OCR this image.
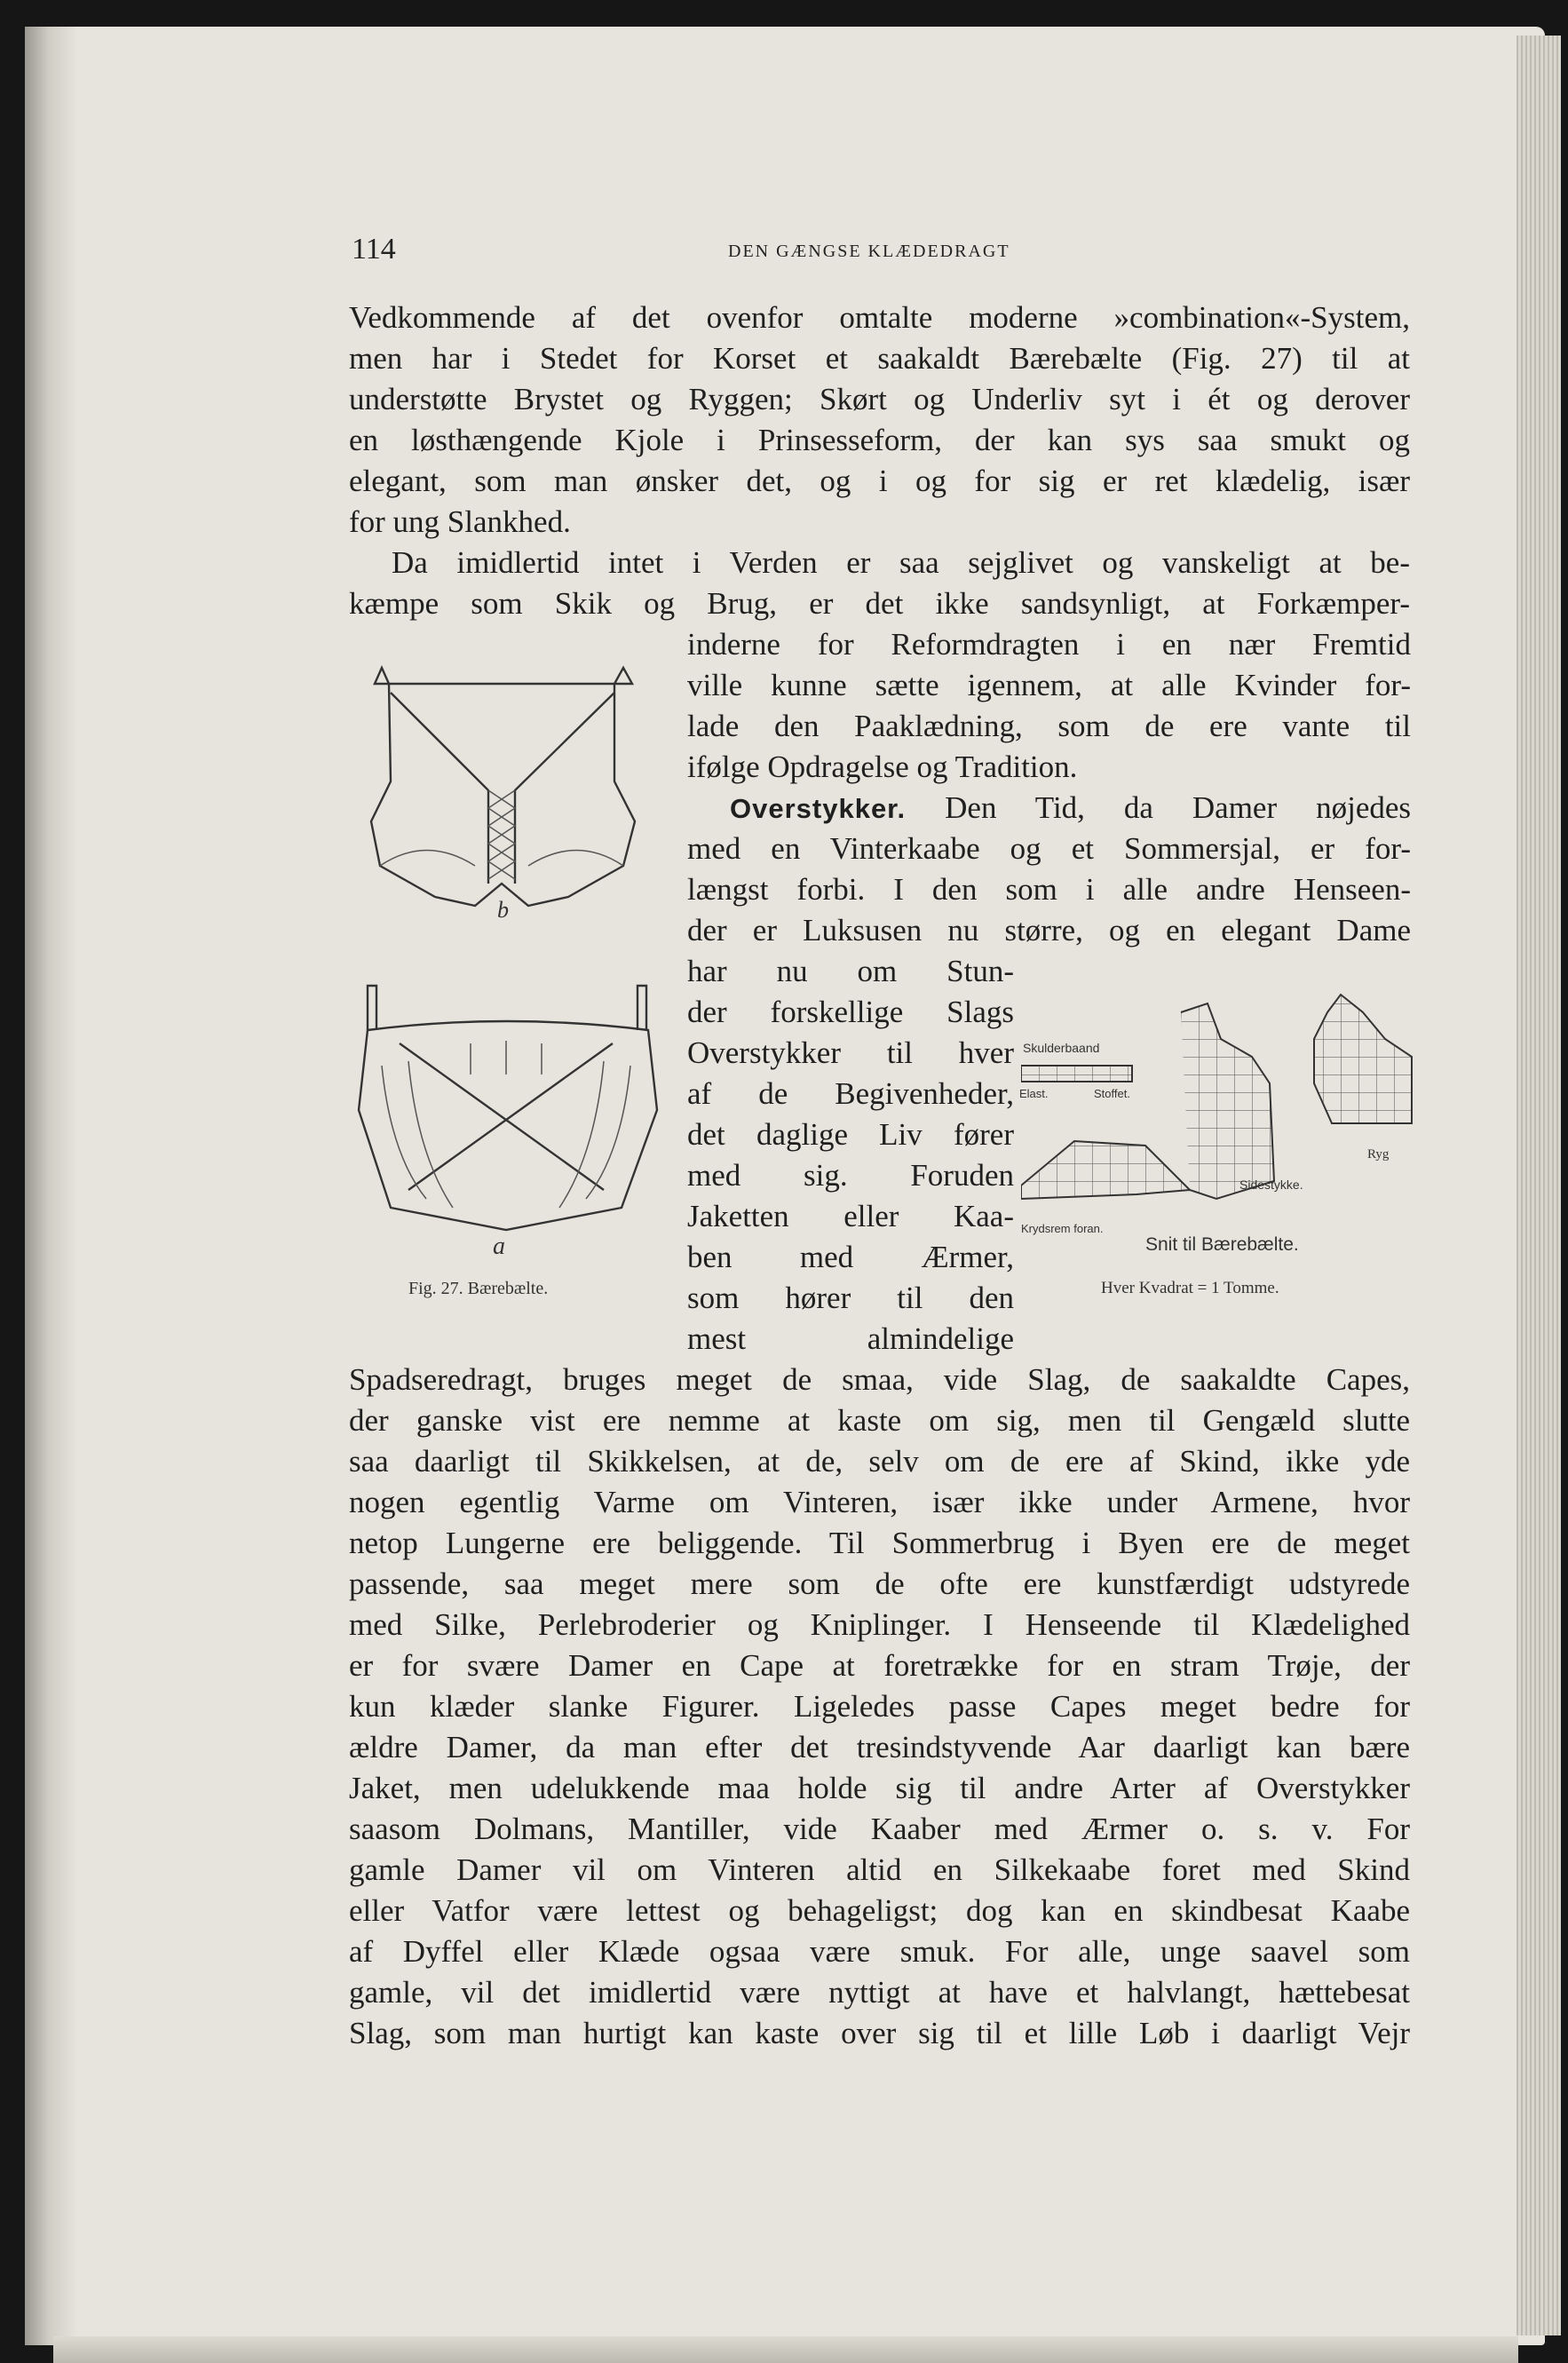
114	DEN GÆNGSE KLÆDEDRAGT
Vedkommende af det ovenfor omtalte moderne »combination«-System,
men har i Stedet for Korset et saakaldt Bærebælte (Fig. 27) til at
understøtte Brystet og Ryggen; Skørt og Underliv syt i ét og derover
en løsthængende Kjole i Prinsesseform, der kan sys saa smukt og
elegant, som man ønsker det, og i og for sig er ret klædelig, især
for ung Slankhed.
Da imidlertid intet i Verden er saa sejglivet og vanskeligt at be-
kæmpe som Skik og Brug, er det ikke sandsynligt, at Forkæmper-
inderne for Reformdragten i en nær Fremtid
ville kunne sætte igennem, at alle Kvinder for-
lade den Paaklædning, som de ere vante til
ifølge Opdragelse og Tradition.
Overstykker. Den Tid, da Damer nøjedes
med en Vinterkaabe og et Sommersjal, er for-
længst forbi. I den som i alle andre Henseen-
der er Luksusen nu større, og en elegant Dame
har nu om Stun-
der forskellige Slags
Overstykker til hver
af de Begivenheder,
det daglige Liv fører
med sig. Foruden
Jaketten eller Kaa-
ben med Ærmer,
som hører til den
mest almindelige
Spadseredragt, bruges meget de smaa, vide Slag, de saakaldte Capes,
der ganske vist ere nemme at kaste om sig, men til Gengæld slutte
saa daarligt til Skikkelsen, at de, selv om de ere af Skind, ikke yde
nogen egentlig Varme om Vinteren, især ikke under Armene, hvor
netop Lungerne ere beliggende. Til Sommerbrug i Byen ere de meget
passende, saa meget mere som de ofte ere kunstfærdigt udstyrede
med Silke, Perlebroderier og Kniplinger. I Henseende til Klædelighed
er for svære Damer en Cape at foretrække for en stram Trøje, der
kun klæder slanke Figurer. Ligeledes passe Capes meget bedre for
ældre Damer, da man efter det tresindstyvende Aar daarligt kan bære
Jaket, men udelukkende maa holde sig til andre Arter af Overstykker
saasom Dolmans, Mantiller, vide Kaaber med Ærmer o. s. v. For
gamle Damer vil om Vinteren altid en Silkekaabe foret med Skind
eller Vatfor være lettest og behageligst; dog kan en skindbesat Kaabe
af Dyffel eller Klæde ogsaa være smuk. For alle, unge saavel som
gamle, vil det imidlertid være nyttigt at have et halvlangt, hættebesat
Slag, som man hurtigt kan kaste over sig til et lille Løb i daarligt Vejr
b
a
Fig. 27. Bærebælte.
Skulderbaand
Elast.	Stoffet.
Ryg
Sidestykke.
Krydsrem foran.
Snit til Bærebælte.
Hver Kvadrat = 1 Tomme.
